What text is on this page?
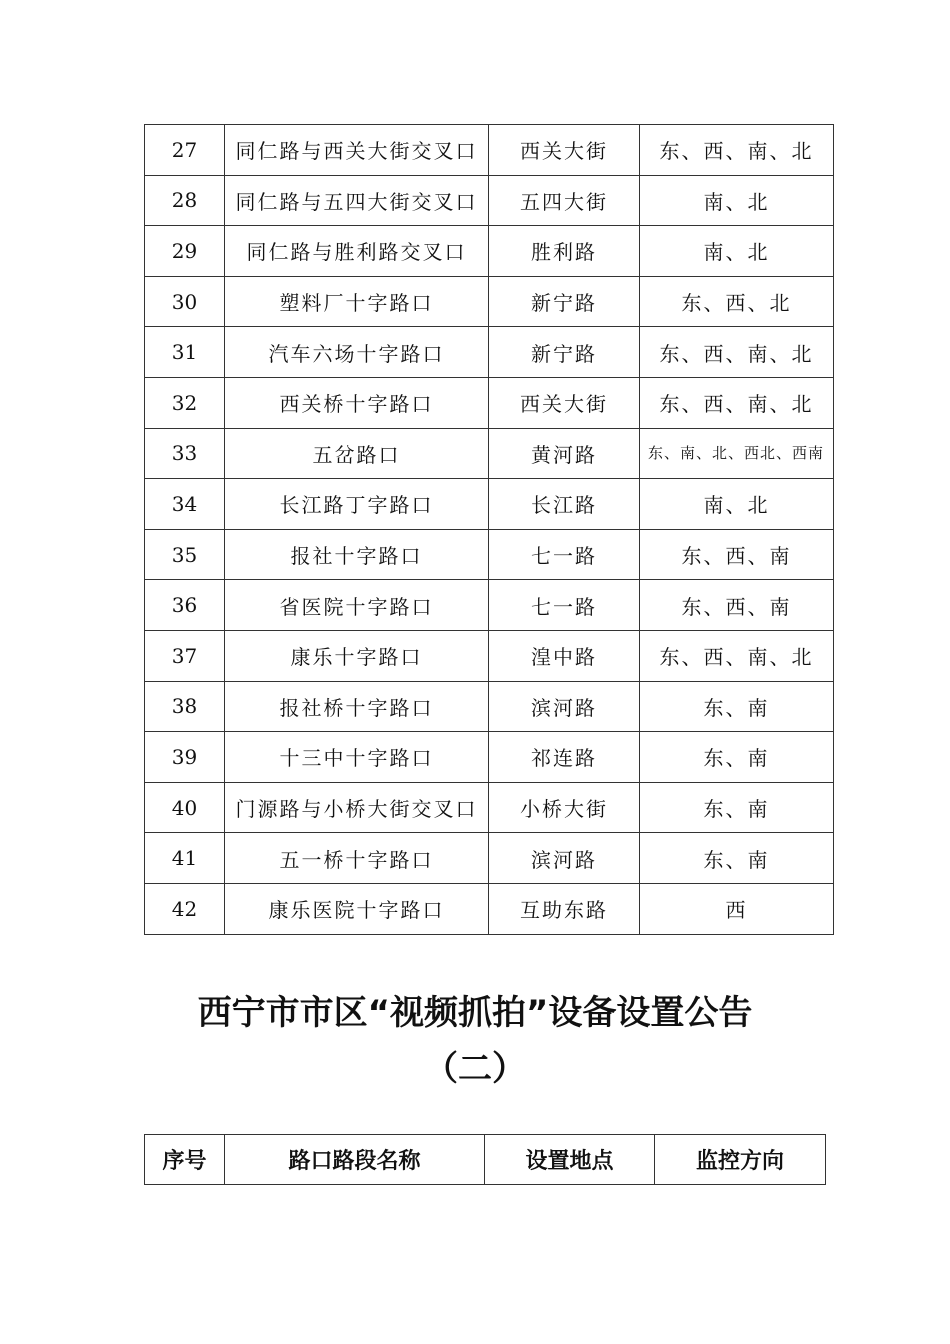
27	同仁路与西关大街交叉口	西关大街	东、西、南、北
28	同仁路与五四大街交叉口	五四大街	南、北
29	同仁路与胜利路交叉口	胜利路	南、北
30	塑料厂十字路口	新宁路	东、西、北
31	汽车六场十字路口	新宁路	东、西、南、北
32	西关桥十字路口	西关大街	东、西、南、北
33	五岔路口	黄河路	东、南、北、西北、西南
34	长江路丁字路口	长江路	南、北
35	报社十字路口	七一路	东、西、南
36	省医院十字路口	七一路	东、西、南
37	康乐十字路口	湟中路	东、西、南、北
38	报社桥十字路口	滨河路	东、南
39	十三中十字路口	祁连路	东、南
40	门源路与小桥大街交叉口	小桥大街	东、南
41	五一桥十字路口	滨河路	东、南
42	康乐医院十字路口	互助东路	西
西宁市市区“视频抓拍”设备设置公告
（二）
序号	路口路段名称	设置地点	监控方向
